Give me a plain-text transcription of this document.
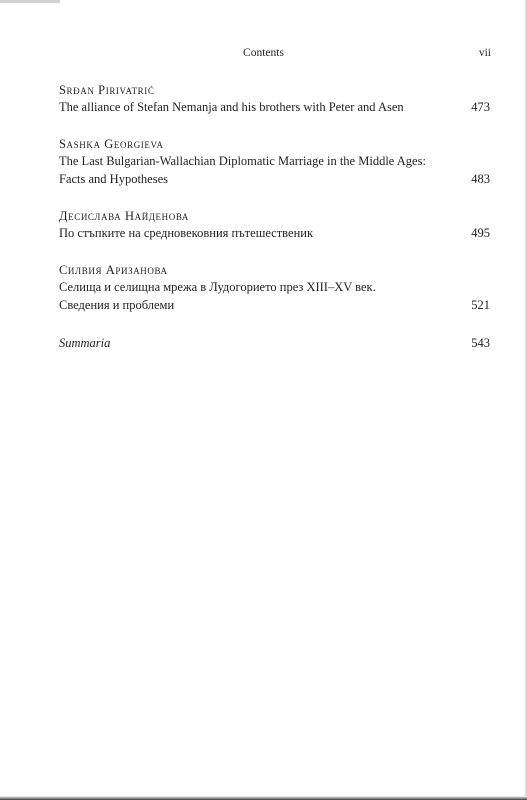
Contents	vii
Srđan Pirivatrić
The alliance of Stefan Nemanja and his brothers with Peter and Asen	473
Sashka Georgieva
The Last Bulgarian-Wallachian Diplomatic Marriage in the Middle Ages:
Facts and Hypotheses	483
Десислава Найденова
По стъпките на средновековния пътешественик	495
Силвия Аризанова
Селища и селищна мрежа в Лудогорието през XIII–XV век.
Сведения и проблеми	521
Summaria	543
